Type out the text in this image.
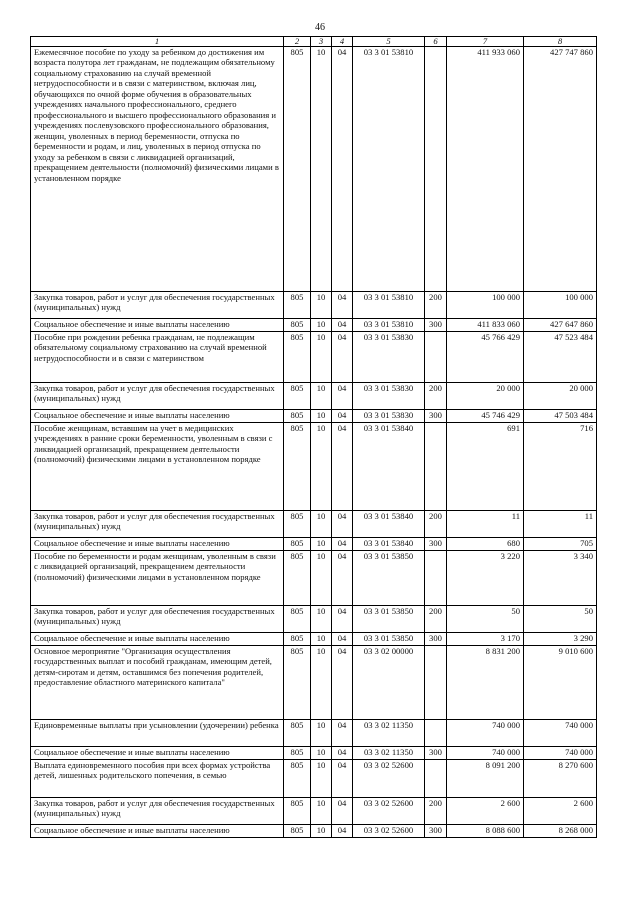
46
1	2	3	4	5	6	7	8
Ежемесячное пособие по уходу за ребенком до достижения им возраста полутора лет гражданам, не подлежащим обязательному социальному страхованию на случай временной нетрудоспособности и в связи с материнством, включая лиц, обучающихся по очной форме обучения в образовательных учреждениях начального профессионального, среднего профессионального и высшего профессионального образования и учреждениях послевузовского профессионального образования, женщин, уволенных в период беременности, отпуска по беременности и родам, и лиц, уволенных в период отпуска по уходу за ребенком в связи с ликвидацией организаций, прекращением деятельности (полномочий) физическими лицами в установленном порядке	805	10	04	03 3 01 53810		411 933 060	427 747 860
Закупка товаров, работ и услуг для обеспечения государственных (муниципальных) нужд	805	10	04	03 3 01 53810	200	100 000	100 000
Социальное обеспечение и иные выплаты населению	805	10	04	03 3 01 53810	300	411 833 060	427 647 860
Пособие при рождении ребенка гражданам, не подлежащим обязательному социальному страхованию на случай временной нетрудоспособности и в связи с материнством	805	10	04	03 3 01 53830		45 766 429	47 523 484
Закупка товаров, работ и услуг для обеспечения государственных (муниципальных) нужд	805	10	04	03 3 01 53830	200	20 000	20 000
Социальное обеспечение и иные выплаты населению	805	10	04	03 3 01 53830	300	45 746 429	47 503 484
Пособие женщинам, вставшим на учет в медицинских учреждениях в ранние сроки беременности, уволенным в связи с ликвидацией организаций, прекращением деятельности (полномочий) физическими лицами в установленном порядке	805	10	04	03 3 01 53840		691	716
Закупка товаров, работ и услуг для обеспечения государственных (муниципальных) нужд	805	10	04	03 3 01 53840	200	11	11
Социальное обеспечение и иные выплаты населению	805	10	04	03 3 01 53840	300	680	705
Пособие по беременности и родам женщинам, уволенным в связи с ликвидацией организаций, прекращением деятельности (полномочий) физическими лицами в установленном порядке	805	10	04	03 3 01 53850		3 220	3 340
Закупка товаров, работ и услуг для обеспечения государственных (муниципальных) нужд	805	10	04	03 3 01 53850	200	50	50
Социальное обеспечение и иные выплаты населению	805	10	04	03 3 01 53850	300	3 170	3 290
Основное мероприятие "Организация осуществления государственных выплат и пособий гражданам, имеющим детей, детям-сиротам и детям, оставшимся без попечения родителей, предоставление областного материнского капитала"	805	10	04	03 3 02 00000		8 831 200	9 010 600
Единовременные выплаты при усыновлении (удочерении) ребенка	805	10	04	03 3 02 11350		740 000	740 000
Социальное обеспечение и иные выплаты населению	805	10	04	03 3 02 11350	300	740 000	740 000
Выплата единовременного пособия при всех формах устройства детей, лишенных родительского попечения, в семью	805	10	04	03 3 02 52600		8 091 200	8 270 600
Закупка товаров, работ и услуг для обеспечения государственных (муниципальных) нужд	805	10	04	03 3 02 52600	200	2 600	2 600
Социальное обеспечение и иные выплаты населению	805	10	04	03 3 02 52600	300	8 088 600	8 268 000
